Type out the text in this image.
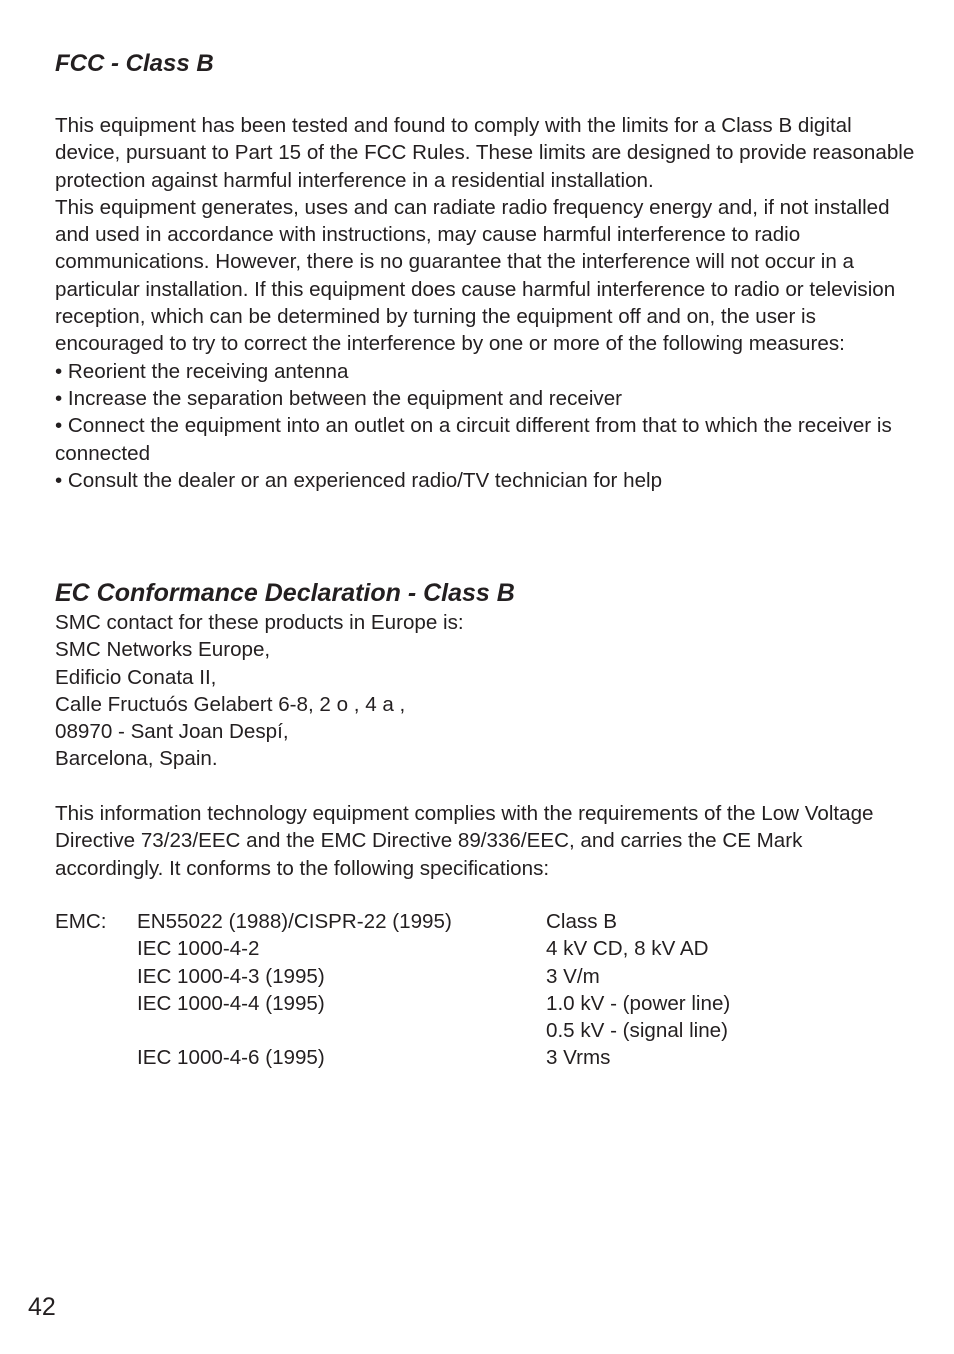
FCC - Class B

This equipment has been tested and found to comply with the limits for a Class B digital device, pursuant to Part 15 of the FCC Rules. These limits are designed to provide reasonable protection against harmful interference in a residential installation.

This equipment generates, uses and can radiate radio frequency energy and, if not installed and used in accordance with instructions, may cause harmful interference to radio communications. However, there is no guarantee that the interference will not occur in a particular installation. If this equipment does cause harmful interference to radio or television reception, which can be determined by turning the equipment off and on, the user is encouraged to try to correct the interference by one or more of the following measures:

• Reorient the receiving antenna
• Increase the separation between the equipment and receiver
• Connect the equipment into an outlet on a circuit different from that to which the receiver is connected
• Consult the dealer or an experienced radio/TV technician for help
EC Conformance Declaration - Class B
SMC contact for these products in Europe is:
SMC Networks Europe,
Edificio Conata II,
Calle Fructuós Gelabert 6-8, 2 o , 4 a ,
08970 - Sant Joan Despí,
Barcelona, Spain.

This information technology equipment complies with the requirements of the Low Voltage Directive 73/23/EEC and the EMC Directive 89/336/EEC, and carries the CE Mark accordingly. It conforms to the following specifications:

EMC:	EN55022 (1988)/CISPR-22 (1995)	Class B
	IEC 1000-4-2	4 kV CD, 8 kV AD
	IEC 1000-4-3 (1995)	3 V/m
	IEC 1000-4-4 (1995)	1.0 kV - (power line)
		0.5 kV - (signal line)
	IEC 1000-4-6 (1995)	3 Vrms
42
